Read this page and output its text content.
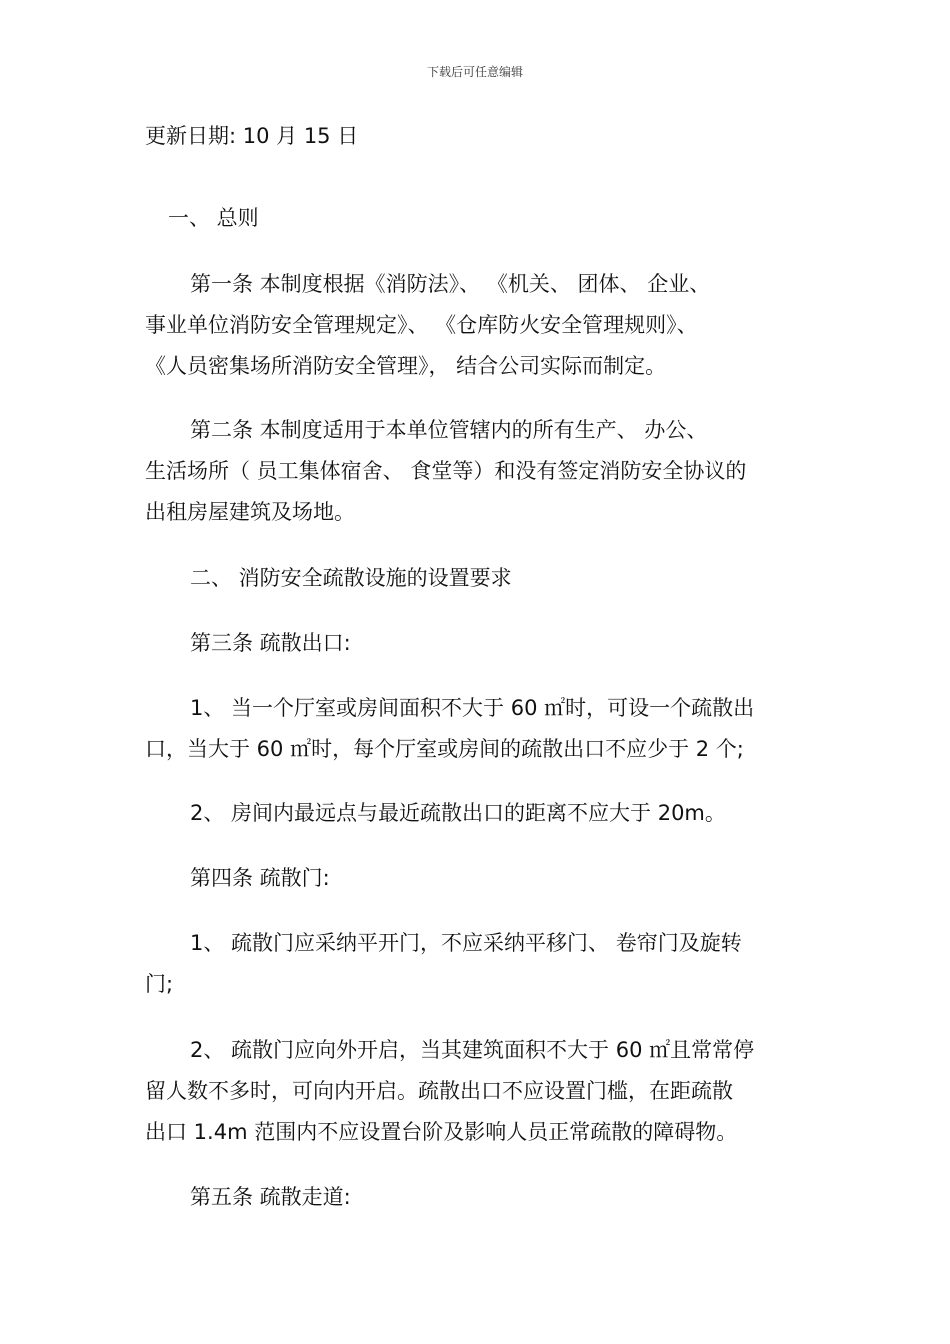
下载后可任意编辑
更新日期: 10 月 15 日
一、 总则
第一条 本制度根据《消防法》、 《机关、 团体、 企业、
事业单位消防安全管理规定》、 《仓库防火安全管理规则》、
《人员密集场所消防安全管理》， 结合公司实际而制定。
第二条 本制度适用于本单位管辖内的所有生产、 办公、
生活场所（ 员工集体宿舍、 食堂等）和没有签定消防安全协议的
出租房屋建筑及场地。
二、 消防安全疏散设施的设置要求
第三条 疏散出口:
1、 当一个厅室或房间面积不大于 60 ㎡时，可设一个疏散出
口，当大于 60 ㎡时，每个厅室或房间的疏散出口不应少于 2 个;
2、 房间内最远点与最近疏散出口的距离不应大于 20m。
第四条 疏散门:
1、 疏散门应采纳平开门，不应采纳平移门、 卷帘门及旋转
门;
2、 疏散门应向外开启，当其建筑面积不大于 60 ㎡且常常停
留人数不多时，可向内开启。疏散出口不应设置门槛，在距疏散
出口 1.4m 范围内不应设置台阶及影响人员正常疏散的障碍物。
第五条 疏散走道:
